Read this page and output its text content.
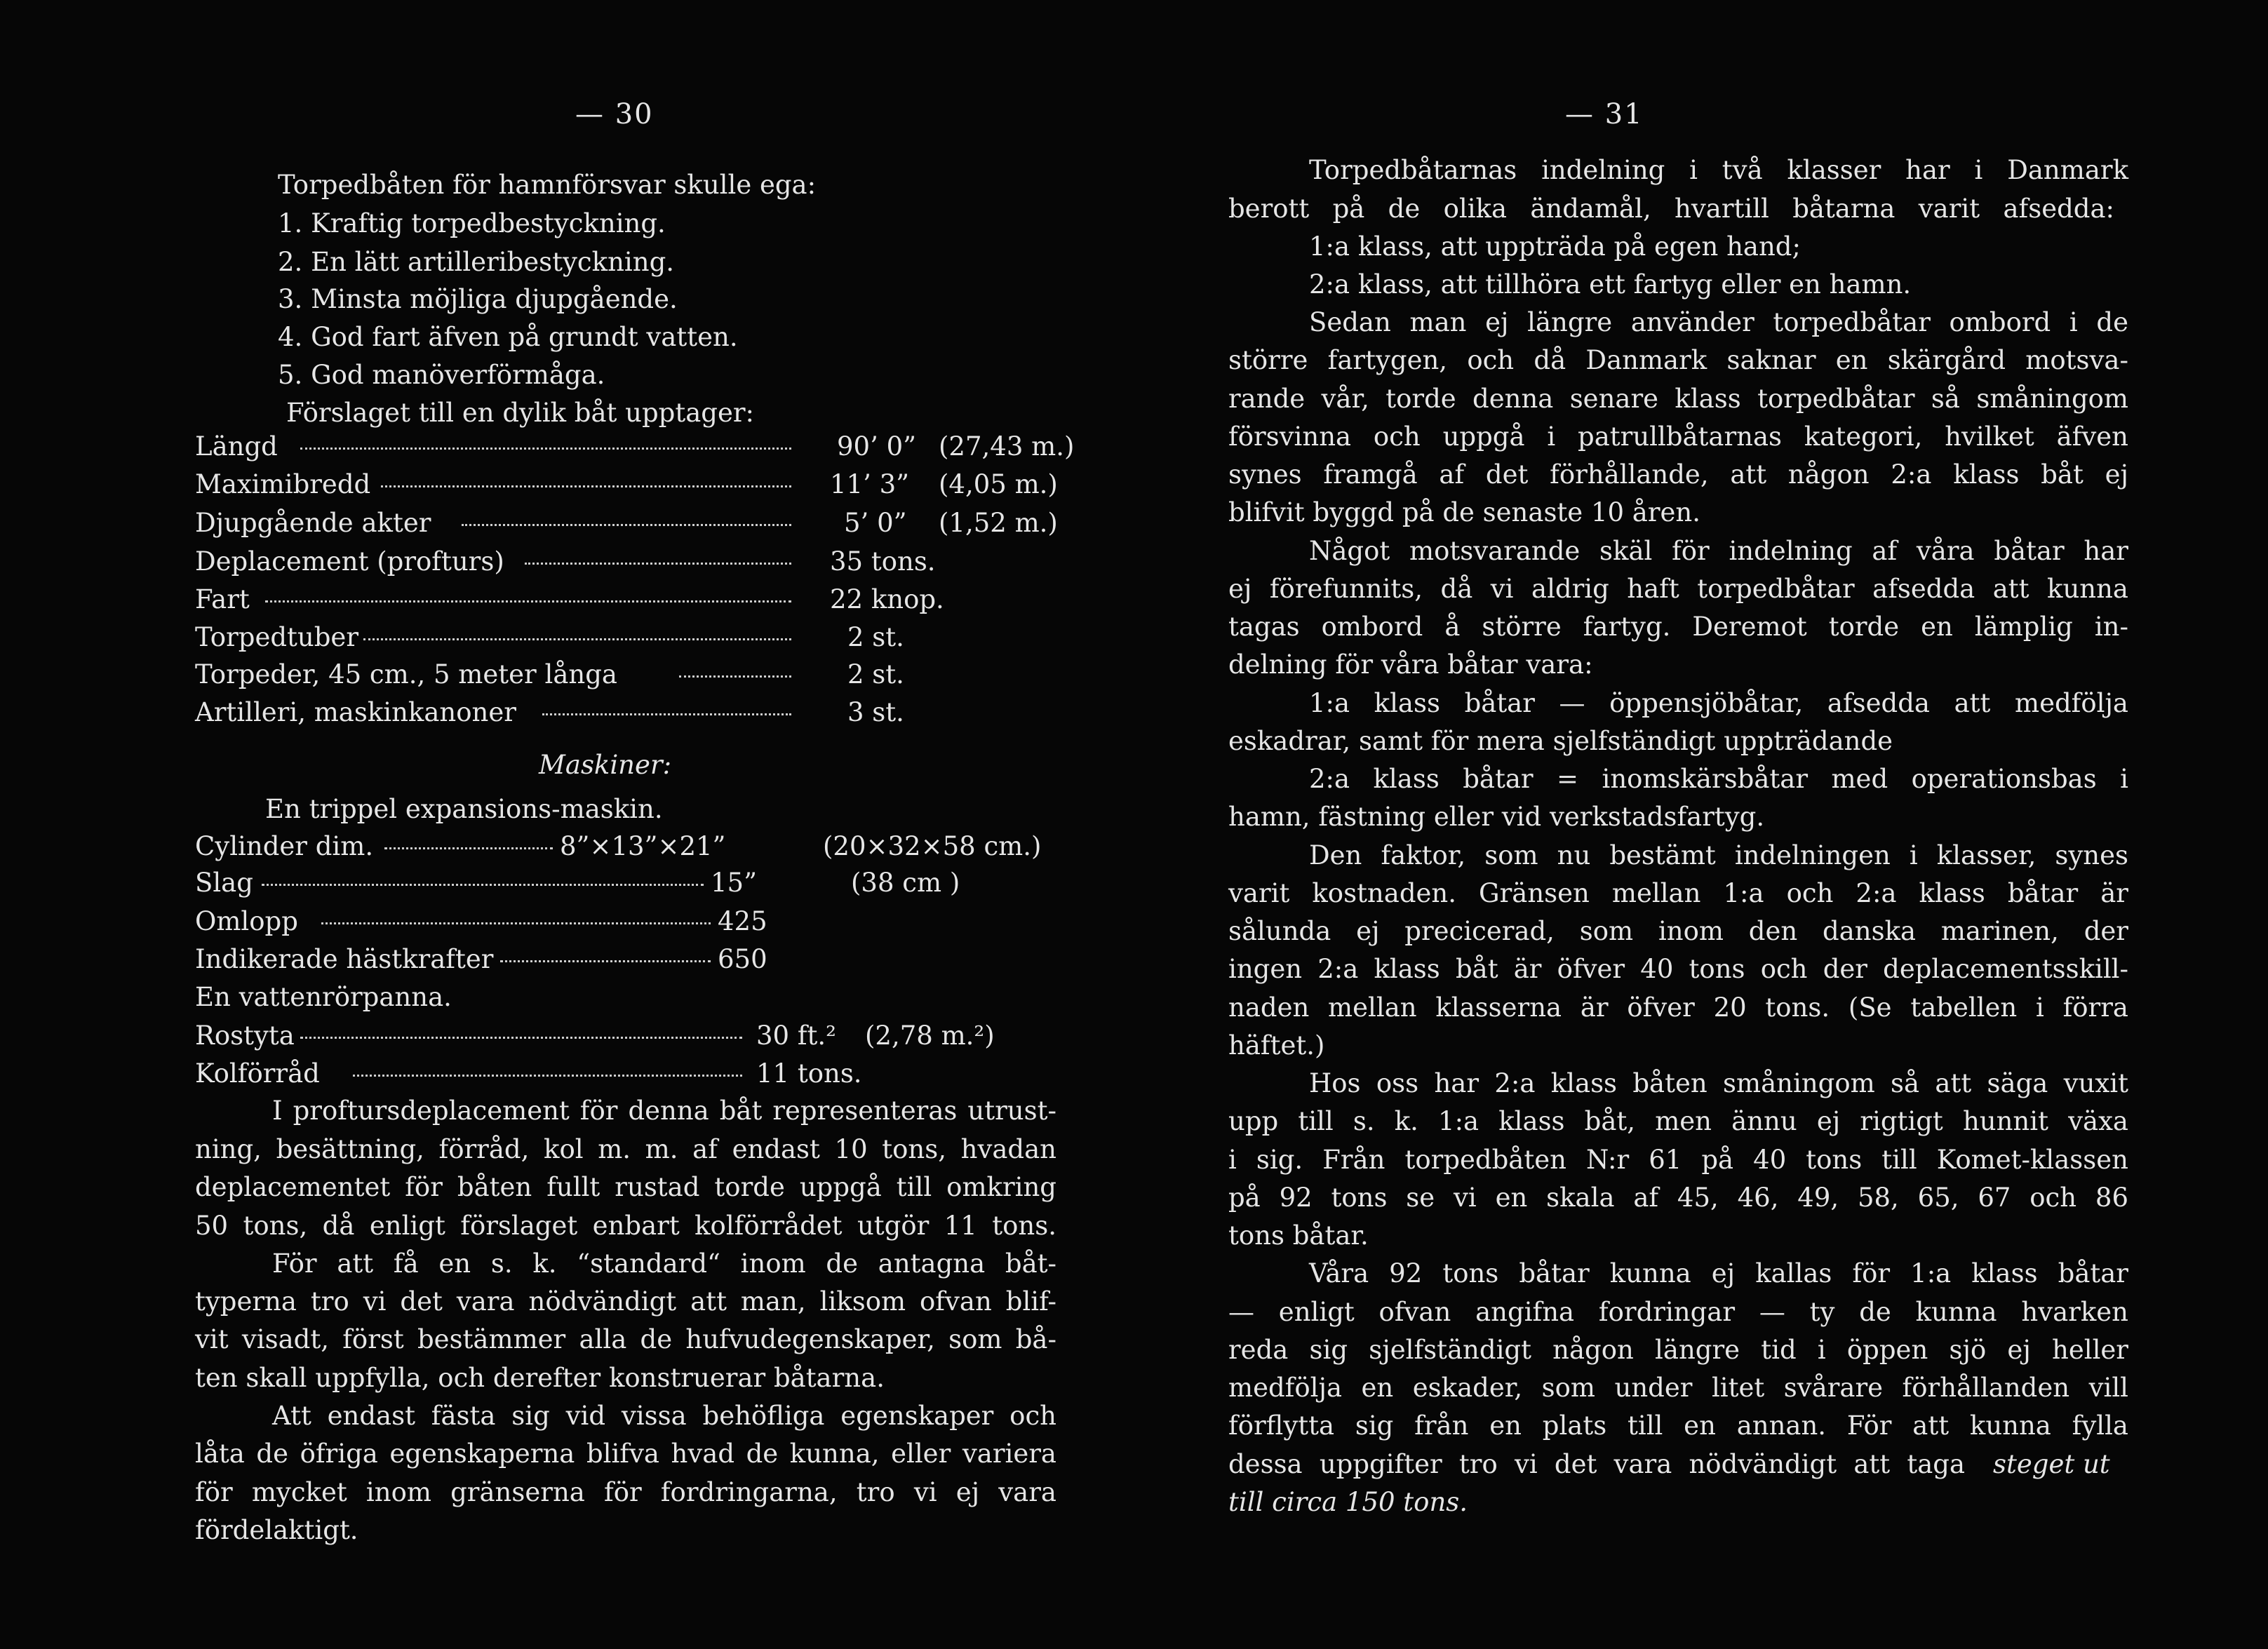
— 30
Torpedbåten för hamnförsvar skulle ega:
1. Kraftig torpedbestyckning.
2. En lätt artilleribestyckning.
3. Minsta möjliga djupgående.
4. God fart äfven på grundt vatten.
5. God manöverförmåga.
Förslaget till en dylik båt upptager:
Längd	90’ 0” (27,43 m.)
Maximibredd	11’ 3” (4,05 m.)
Djupgående akter	5’ 0” (1,52 m.)
Deplacement (profturs)	35 tons.
Fart	22 knop.
Torpedtuber	2 st.
Torpeder, 45 cm., 5 meter långa	2 st.
Artilleri, maskinkanoner	3 st.
Maskiner:
En trippel expansions-maskin.
Cylinder dim.	8”×13”×21”	(20×32×58 cm.)
Slag	15”	(38 cm )
Omlopp	425
Indikerade hästkrafter	650
En vattenrörpanna.
Rostyta	30 ft.² (2,78 m.²)
Kolförråd	11 tons.
I proftursdeplacement för denna båt representeras utrust-
ning, besättning, förråd, kol m. m. af endast 10 tons, hvadan
deplacementet för båten fullt rustad torde uppgå till omkring
50 tons, då enligt förslaget enbart kolförrådet utgör 11 tons.
För att få en s. k. “standard“ inom de antagna båt-
typerna tro vi det vara nödvändigt att man, liksom ofvan blif-
vit visadt, först bestämmer alla de hufvudegenskaper, som bå-
ten skall uppfylla, och derefter konstruerar båtarna.
Att endast fästa sig vid vissa behöfliga egenskaper och
låta de öfriga egenskaperna blifva hvad de kunna, eller variera
för mycket inom gränserna för fordringarna, tro vi ej vara
fördelaktigt.
— 31
Torpedbåtarnas indelning i två klasser har i Danmark
berott på de olika ändamål, hvartill båtarna varit afsedda:
1:a klass, att uppträda på egen hand;
2:a klass, att tillhöra ett fartyg eller en hamn.
Sedan man ej längre använder torpedbåtar ombord i de
större fartygen, och då Danmark saknar en skärgård motsva-
rande vår, torde denna senare klass torpedbåtar så småningom
försvinna och uppgå i patrullbåtarnas kategori, hvilket äfven
synes framgå af det förhållande, att någon 2:a klass båt ej
blifvit byggd på de senaste 10 åren.
Något motsvarande skäl för indelning af våra båtar har
ej förefunnits, då vi aldrig haft torpedbåtar afsedda att kunna
tagas ombord å större fartyg. Deremot torde en lämplig in-
delning för våra båtar vara:
1:a klass båtar — öppensjöbåtar, afsedda att medfölja
eskadrar, samt för mera sjelfständigt uppträdande
2:a klass båtar = inomskärsbåtar med operationsbas i
hamn, fästning eller vid verkstadsfartyg.
Den faktor, som nu bestämt indelningen i klasser, synes
varit kostnaden. Gränsen mellan 1:a och 2:a klass båtar är
sålunda ej precicerad, som inom den danska marinen, der
ingen 2:a klass båt är öfver 40 tons och der deplacementsskill-
naden mellan klasserna är öfver 20 tons. (Se tabellen i förra
häftet.)
Hos oss har 2:a klass båten småningom så att säga vuxit
upp till s. k. 1:a klass båt, men ännu ej rigtigt hunnit växa
i sig. Från torpedbåten N:r 61 på 40 tons till Komet-klassen
på 92 tons se vi en skala af 45, 46, 49, 58, 65, 67 och 86
tons båtar.
Våra 92 tons båtar kunna ej kallas för 1:a klass båtar
— enligt ofvan angifna fordringar — ty de kunna hvarken
reda sig sjelfständigt någon längre tid i öppen sjö ej heller
medfölja en eskader, som under litet svårare förhållanden vill
förflytta sig från en plats till en annan. För att kunna fylla
dessa uppgifter tro vi det vara nödvändigt att taga steget ut
till circa 150 tons.
